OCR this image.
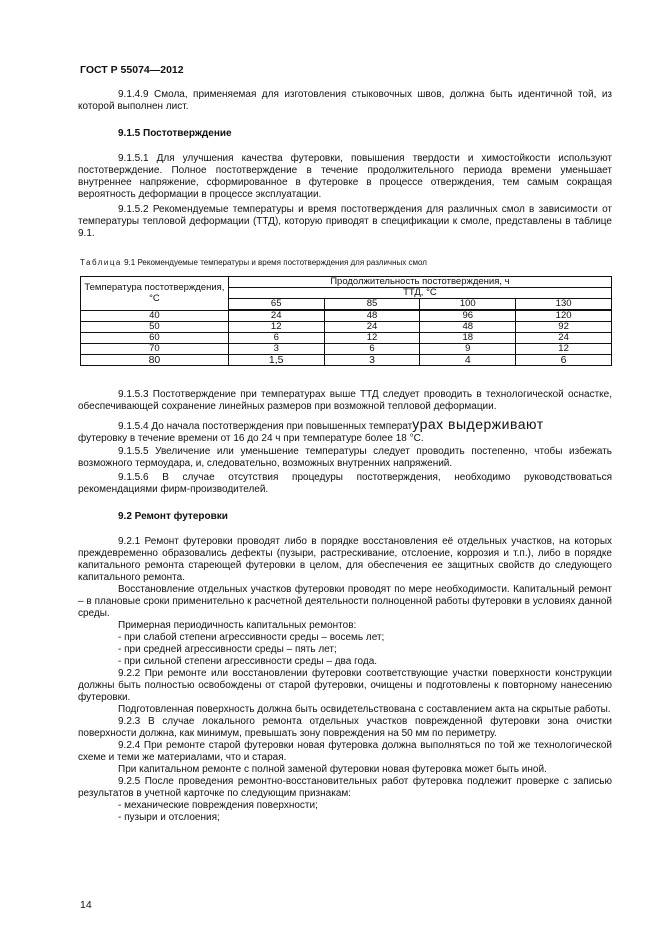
ГОСТ Р 55074—2012

9.1.4.9 Смола, применяемая для изготовления стыковочных швов, должна быть идентичной той, из которой выполнен лист.

9.1.5 Постотверждение

9.1.5.1 Для улучшения качества футеровки, повышения твердости и химостойкости используют постотверждение. Полное постотверждение в течение продолжительного периода времени уменьшает внутреннее напряжение, сформированное в футеровке в процессе отверждения, тем самым сокращая вероятность деформации в процессе эксплуатации.

9.1.5.2 Рекомендуемые температуры и время постотверждения для различных смол в зависимости от температуры тепловой деформации (ТТД), которую приводят в спецификации к смоле, представлены в таблице 9.1.

Таблица 9.1 Рекомендуемые температуры и время постотверждения для различных смол
Температура постотверждения, °С	Продолжительность постотверждения, ч			
	ТТД, °С			
	65	85	100	130
40	24	48	96	120
50	12	24	48	92
60	6	12	18	24
70	3	6	9	12
80	1,5	3	4	6

9.1.5.3 Постотверждение при температурах выше ТТД следует проводить в технологической оснастке, обеспечивающей сохранение линейных размеров при возможной тепловой деформации.

9.1.5.4 До начала постотверждения при повышенных температурах выдерживают

футеровку в течение времени от 16 до 24 ч при температуре более 18 °С.

9.1.5.5 Увеличение или уменьшение температуры следует проводить постепенно, чтобы избежать возможного термоудара, и, следовательно, возможных внутренних напряжений.

9.1.5.6 В случае отсутствия процедуры постотверждения, необходимо руководствоваться рекомендациями фирм-производителей.

9.2 Ремонт футеровки

9.2.1 Ремонт футеровки проводят либо в порядке восстановления её отдельных участков, на которых преждевременно образовались дефекты (пузыри, растрескивание, отслоение, коррозия и т.п.), либо в порядке капитального ремонта стареющей футеровки в целом, для обеспечения ее защитных свойств до следующего капитального ремонта.

Восстановление отдельных участков футеровки проводят по мере необходимости. Капитальный ремонт – в плановые сроки применительно к расчетной деятельности полноценной работы футеровки в условиях данной среды.

Примерная периодичность капитальных ремонтов:

- при слабой степени агрессивности среды – восемь лет;

- при средней агрессивности среды – пять лет;

- при сильной степени агрессивности среды – два года.

9.2.2 При ремонте или восстановлении футеровки соответствующие участки поверхности конструкции должны быть полностью освобождены от старой футеровки, очищены и подготовлены к повторному нанесению футеровки.

Подготовленная поверхность должна быть освидетельствована с составлением акта на скрытые работы.

9.2.3 В случае локального ремонта отдельных участков поврежденной футеровки зона очистки поверхности должна, как минимум, превышать зону повреждения на 50 мм по периметру.

9.2.4 При ремонте старой футеровки новая футеровка должна выполняться по той же технологической схеме и теми же материалами, что и старая.

При капитальном ремонте с полной заменой футеровки новая футеровка может быть иной.

9.2.5 После проведения ремонтно-восстановительных работ футеровка подлежит проверке с записью результатов в учетной карточке по следующим признакам:

- механические повреждения поверхности;

- пузыри и отслоения;

14
